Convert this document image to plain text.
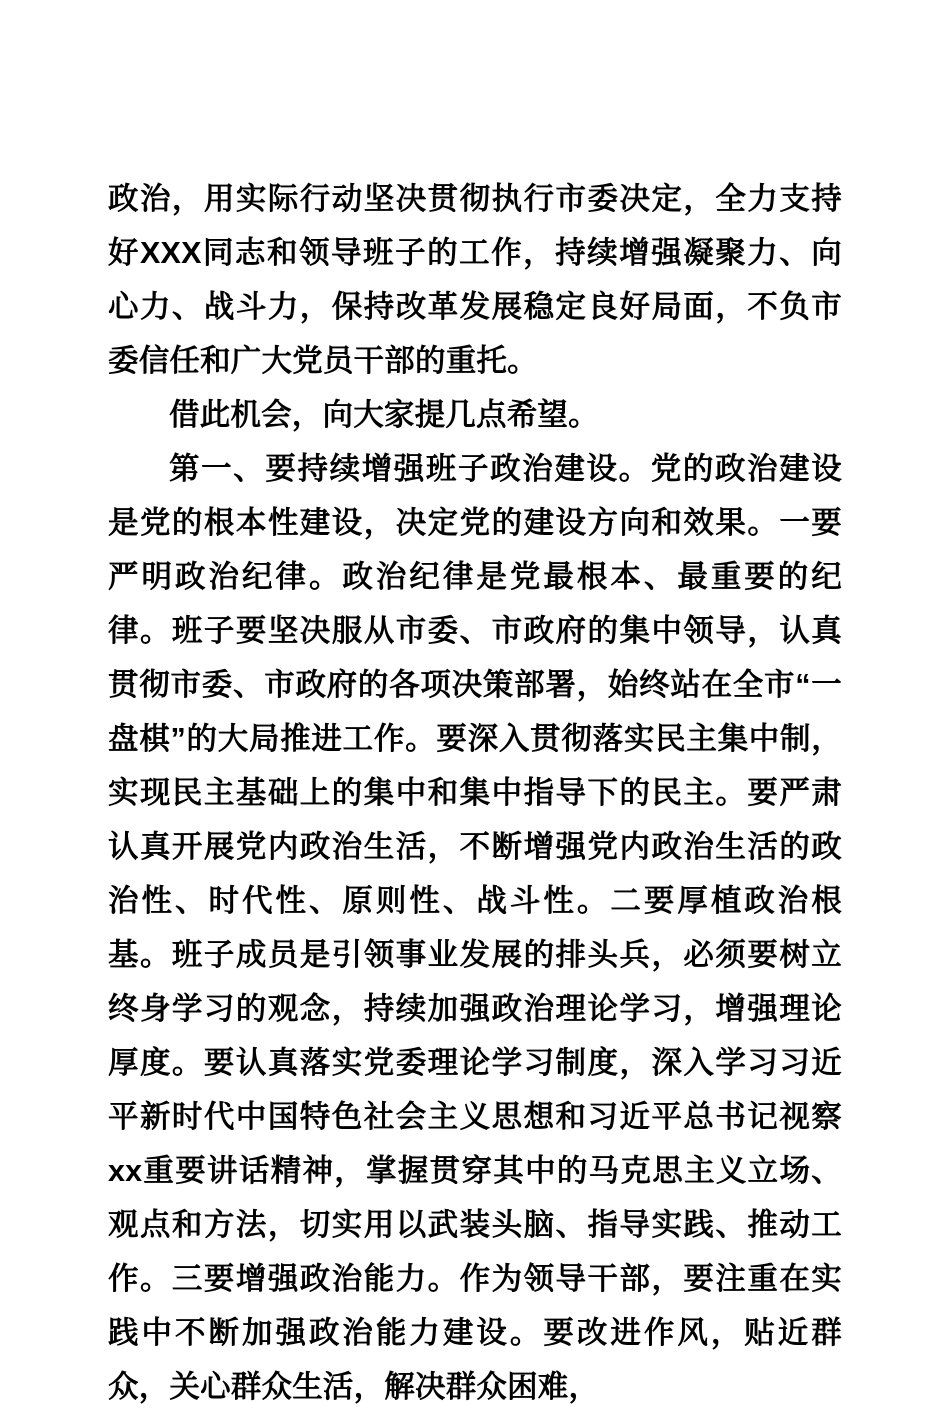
政治，用实际行动坚决贯彻执行市委决定，全力支持好XXX同志和领导班子的工作，持续增强凝聚力、向心力、战斗力，保持改革发展稳定良好局面，不负市委信任和广大党员干部的重托。

借此机会，向大家提几点希望。

第一、要持续增强班子政治建设。党的政治建设是党的根本性建设，决定党的建设方向和效果。一要严明政治纪律。政治纪律是党最根本、最重要的纪律。班子要坚决服从市委、市政府的集中领导，认真贯彻市委、市政府的各项决策部署，始终站在全市“一盘棋”的大局推进工作。要深入贯彻落实民主集中制，实现民主基础上的集中和集中指导下的民主。要严肃认真开展党内政治生活，不断增强党内政治生活的政治性、时代性、原则性、战斗性。二要厚植政治根基。班子成员是引领事业发展的排头兵，必须要树立终身学习的观念，持续加强政治理论学习，增强理论厚度。要认真落实党委理论学习制度，深入学习习近平新时代中国特色社会主义思想和习近平总书记视察xx重要讲话精神，掌握贯穿其中的马克思主义立场、观点和方法，切实用以武装头脑、指导实践、推动工作。三要增强政治能力。作为领导干部，要注重在实践中不断加强政治能力建设。要改进作风，贴近群众，关心群众生活，解决群众困难，
